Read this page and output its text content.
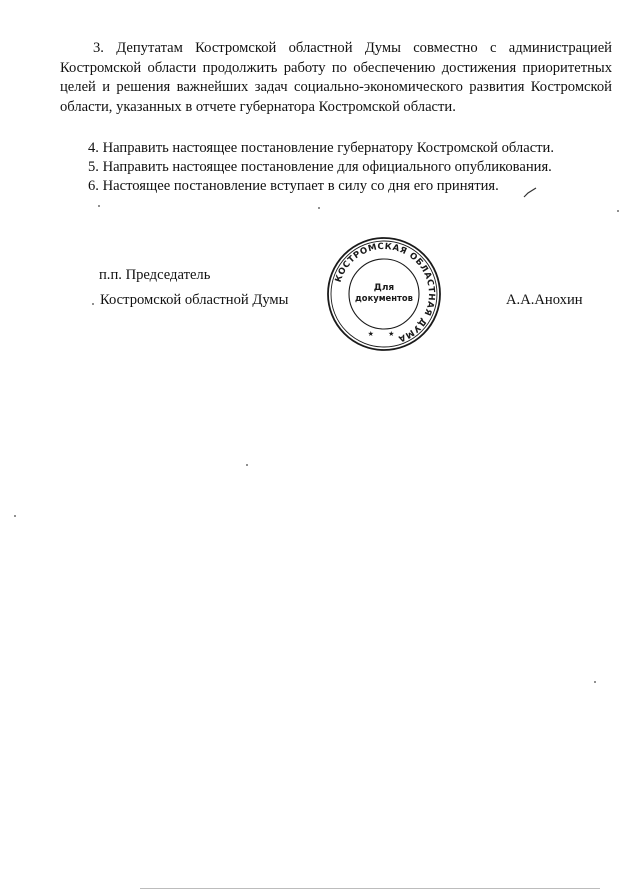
3. Депутатам Костромской областной Думы совместно с администрацией Костромской области продолжить работу по обеспечению достижения приоритетных целей и решения важнейших задач социально-экономического развития Костромской области, указанных в отчете губернатора Костромской области.

4. Направить настоящее постановление губернатору Костромской области.

5. Направить настоящее постановление для официального опубликования.

6. Настоящее постановление вступает в силу со дня его принятия.

п.п. Председатель
Костромской областной Думы	А.А.Анохин
КОСТРОМСКАЯ ОБЛАСТНАЯ ДУМА
Для
документов
★ ★
